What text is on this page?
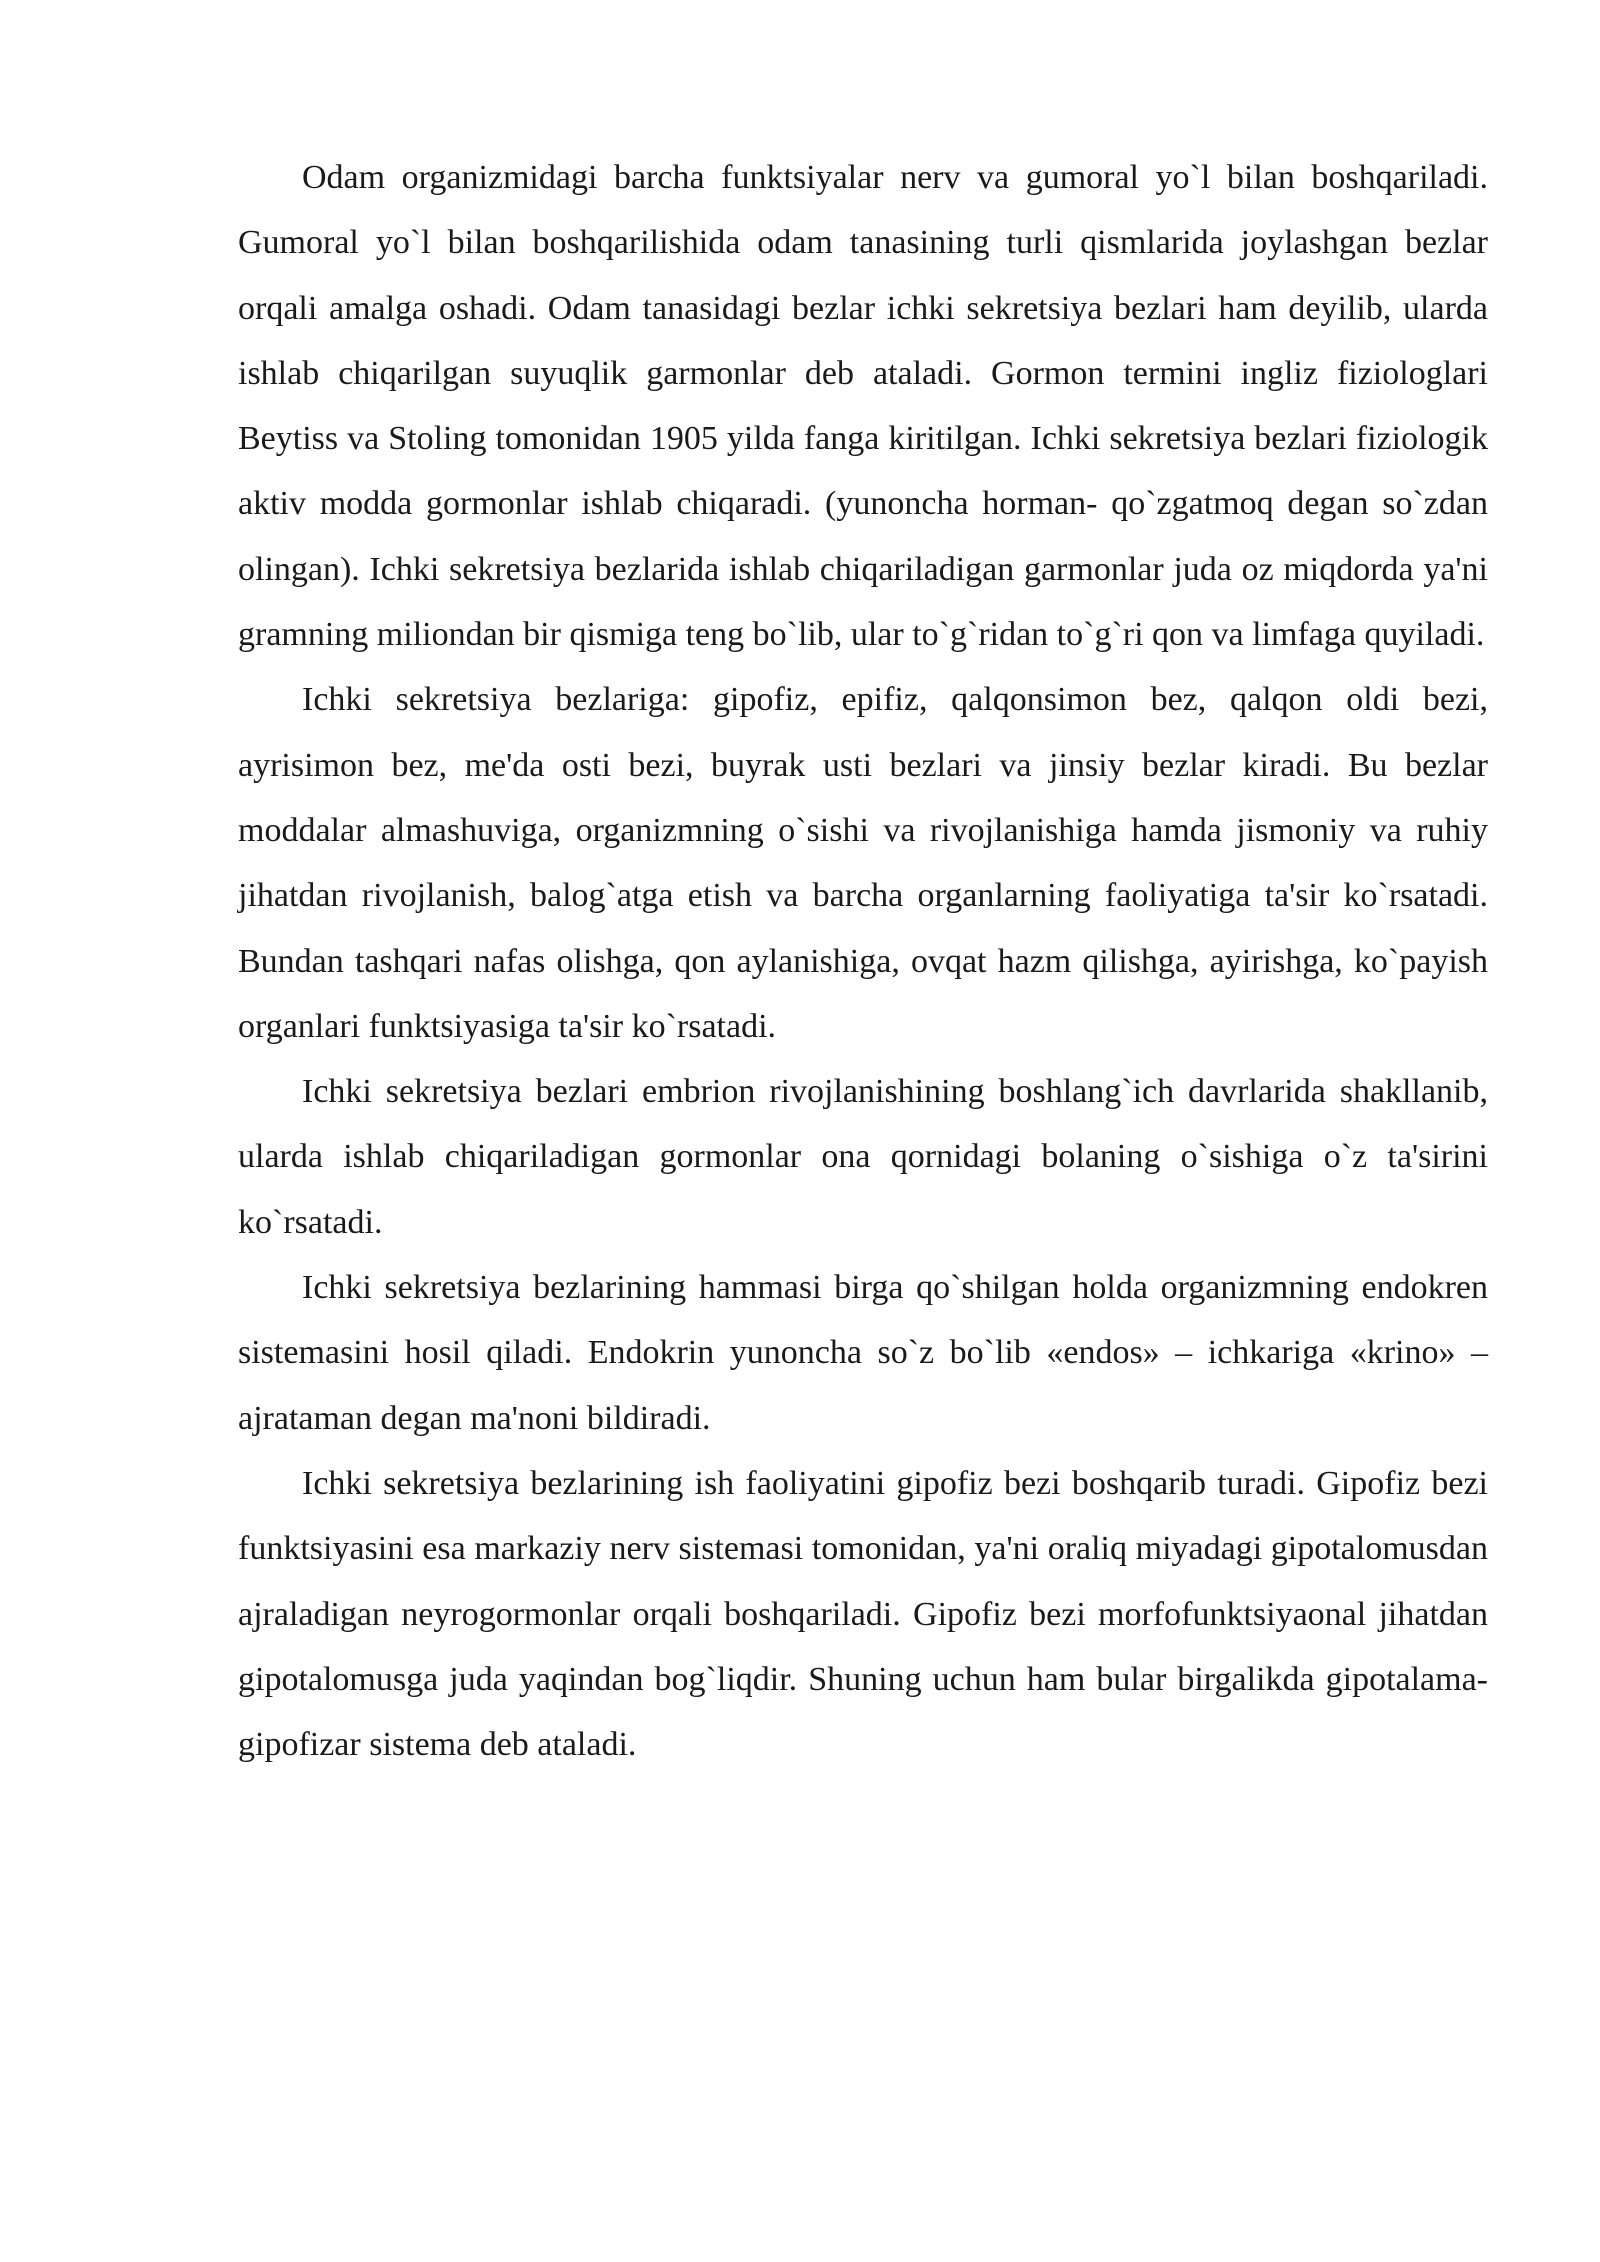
Odam organizmidagi barcha funktsiyalar nerv va gumoral yo`l bilan boshqariladi. Gumoral yo`l bilan boshqarilishida odam tanasining turli qismlarida joylashgan bezlar orqali amalga oshadi. Odam tanasidagi bezlar ichki sekretsiya bezlari ham deyilib, ularda ishlab chiqarilgan suyuqlik garmonlar deb ataladi. Gormon termini ingliz fiziologlari Beytiss va Stoling tomonidan 1905 yilda fanga kiritilgan. Ichki sekretsiya bezlari fiziologik aktiv modda gormonlar ishlab chiqaradi. (yunoncha horman- qo`zgatmoq degan so`zdan olingan). Ichki sekretsiya bezlarida ishlab chiqariladigan garmonlar juda oz miqdorda ya'ni gramning miliondan bir qismiga teng bo`lib, ular to`g`ridan to`g`ri qon va limfaga quyiladi.

Ichki sekretsiya bezlariga: gipofiz, epifiz, qalqonsimon bez, qalqon oldi bezi, ayrisimon bez, me'da osti bezi, buyrak usti bezlari va jinsiy bezlar kiradi. Bu bezlar moddalar almashuviga, organizmning o`sishi va rivojlanishiga hamda jismoniy va ruhiy jihatdan rivojlanish, balog`atga etish va barcha organlarning faoliyatiga ta'sir ko`rsatadi. Bundan tashqari nafas olishga, qon aylanishiga, ovqat hazm qilishga, ayirishga, ko`payish organlari funktsiyasiga ta'sir ko`rsatadi.

Ichki sekretsiya bezlari embrion rivojlanishining boshlang`ich davrlarida shakllanib, ularda ishlab chiqariladigan gormonlar ona qornidagi bolaning o`sishiga o`z ta'sirini ko`rsatadi.

Ichki sekretsiya bezlarining hammasi birga qo`shilgan holda organizmning endokren sistemasini hosil qiladi. Endokrin yunoncha so`z bo`lib «endos» – ichkariga «krino» –ajrataman degan ma'noni bildiradi.

Ichki sekretsiya bezlarining ish faoliyatini gipofiz bezi boshqarib turadi. Gipofiz bezi funktsiyasini esa markaziy nerv sistemasi tomonidan, ya'ni oraliq miyadagi gipotalomusdan ajraladigan neyrogormonlar orqali boshqariladi. Gipofiz bezi morfofunktsiyaonal jihatdan gipotalomusga juda yaqindan bog`liqdir. Shuning uchun ham bular birgalikda gipotalama-gipofizar sistema deb ataladi.
